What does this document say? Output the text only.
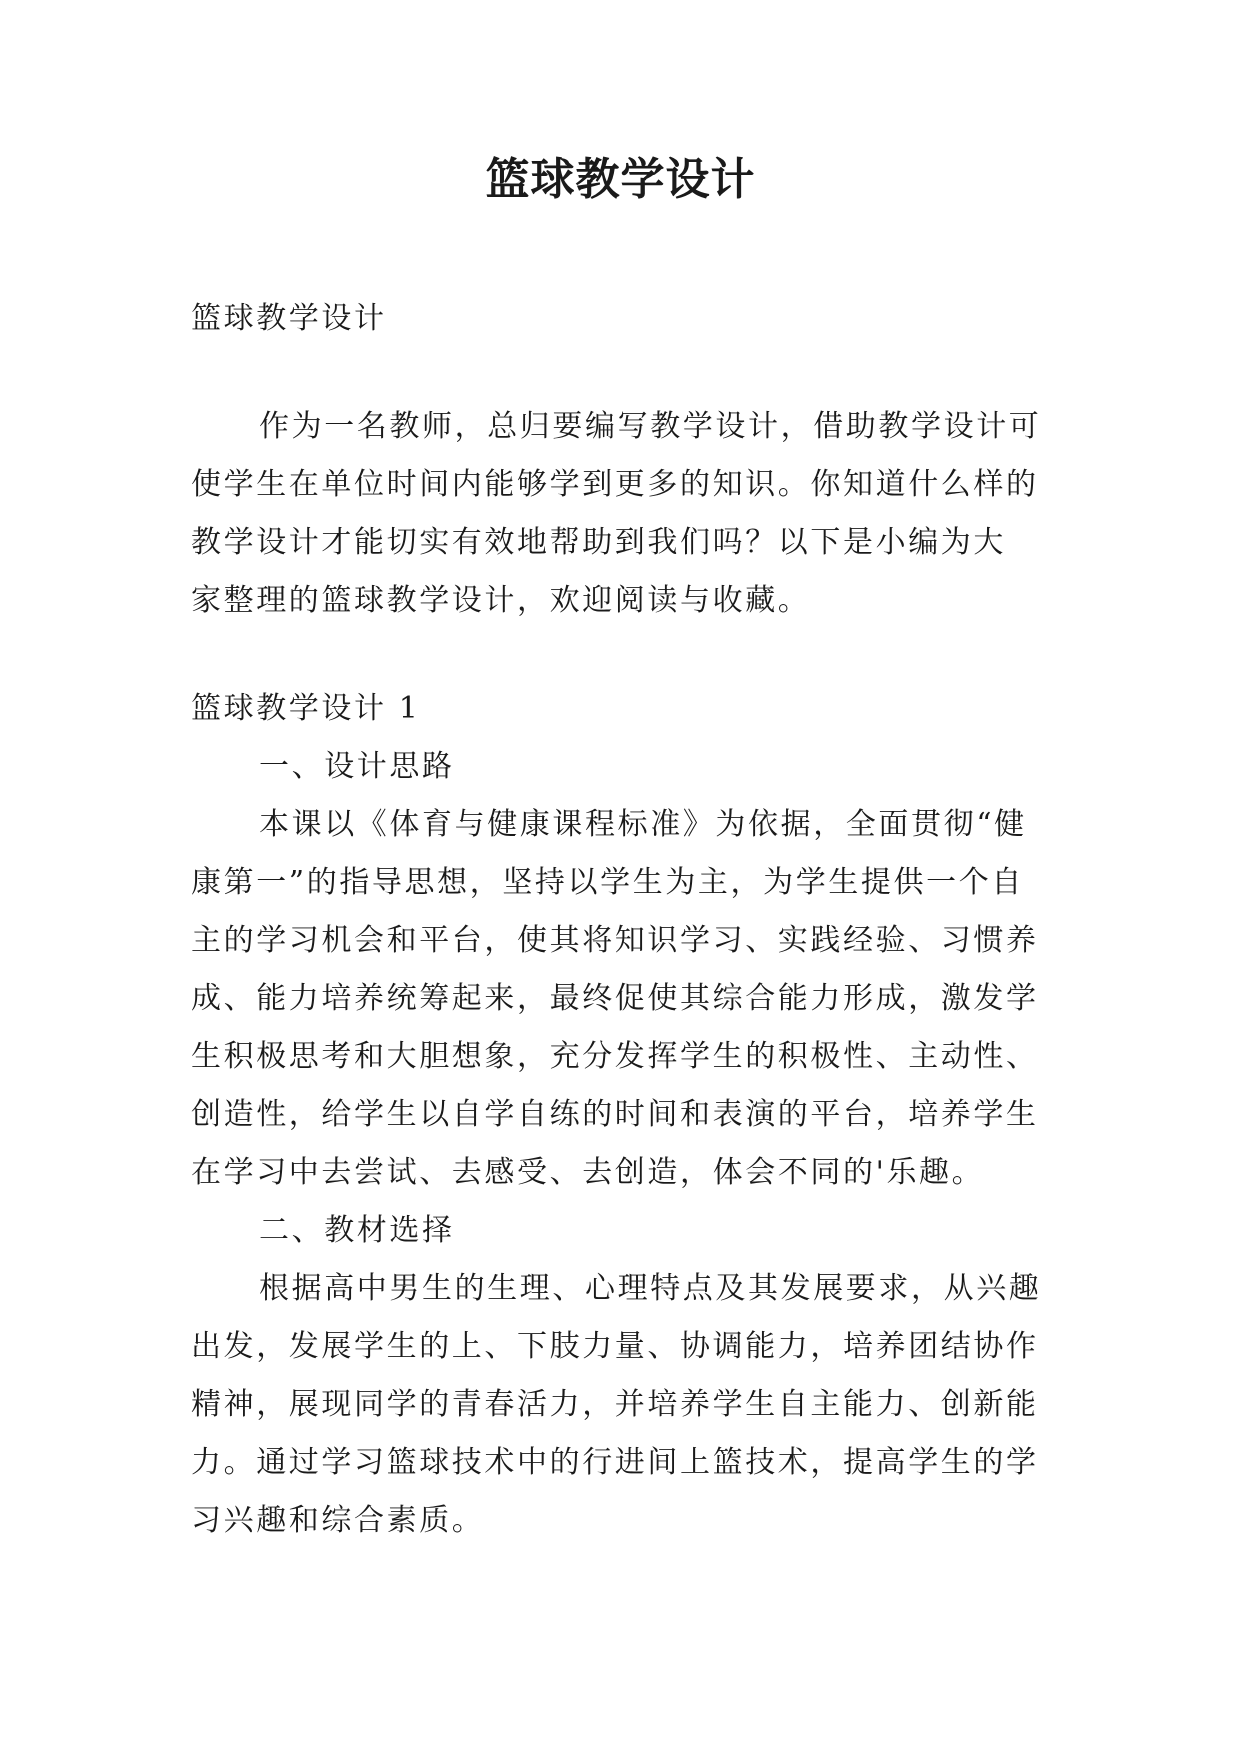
篮球教学设计
篮球教学设计
作为一名教师，总归要编写教学设计，借助教学设计可
使学生在单位时间内能够学到更多的知识。你知道什么样的
教学设计才能切实有效地帮助到我们吗？以下是小编为大
家整理的篮球教学设计，欢迎阅读与收藏。
篮球教学设计 1
一、设计思路
本课以《体育与健康课程标准》为依据，全面贯彻“健
康第一”的指导思想，坚持以学生为主，为学生提供一个自
主的学习机会和平台，使其将知识学习、实践经验、习惯养
成、能力培养统筹起来，最终促使其综合能力形成，激发学
生积极思考和大胆想象，充分发挥学生的积极性、主动性、
创造性，给学生以自学自练的时间和表演的平台，培养学生
在学习中去尝试、去感受、去创造，体会不同的'乐趣。
二、教材选择
根据高中男生的生理、心理特点及其发展要求，从兴趣
出发，发展学生的上、下肢力量、协调能力，培养团结协作
精神，展现同学的青春活力，并培养学生自主能力、创新能
力。通过学习篮球技术中的行进间上篮技术，提高学生的学
习兴趣和综合素质。
